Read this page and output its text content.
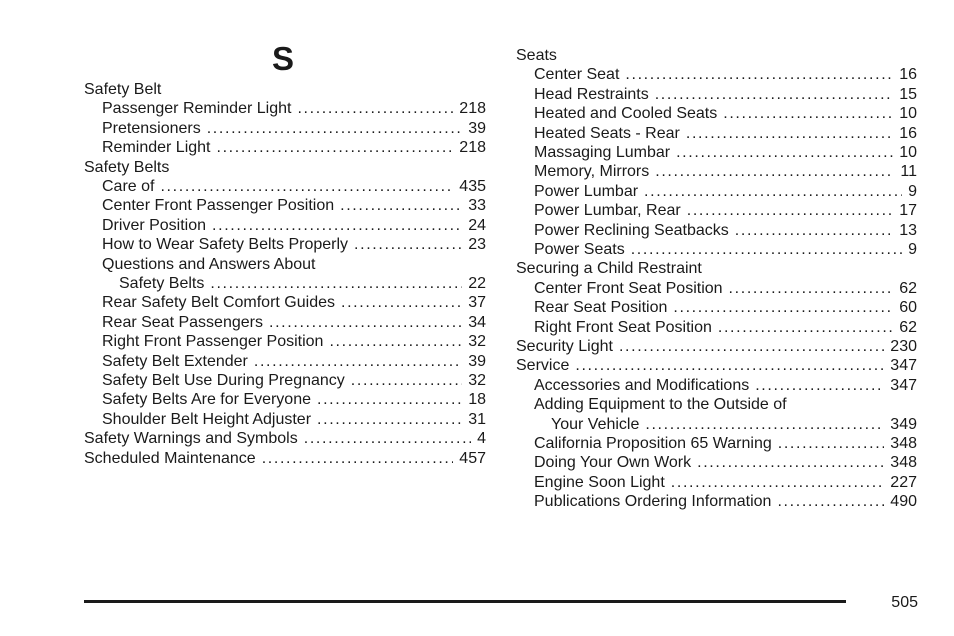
S
Safety Belt
Passenger Reminder Light . . .	218
Pretensioners . . .	39
Reminder Light . . .	218
Safety Belts
Care of . . .	435
Center Front Passenger Position . . .	33
Driver Position . . .	24
How to Wear Safety Belts Properly . . .	23
Questions and Answers About
Safety Belts . . .	22
Rear Safety Belt Comfort Guides . . .	37
Rear Seat Passengers . . .	34
Right Front Passenger Position . . .	32
Safety Belt Extender . . .	39
Safety Belt Use During Pregnancy . . .	32
Safety Belts Are for Everyone . . .	18
Shoulder Belt Height Adjuster . . .	31
Safety Warnings and Symbols . . .	4
Scheduled Maintenance . . .	457
Seats
Center Seat . . .	16
Head Restraints . . .	15
Heated and Cooled Seats . . .	10
Heated Seats - Rear . . .	16
Massaging Lumbar . . .	10
Memory, Mirrors . . .	11
Power Lumbar . . .	9
Power Lumbar, Rear . . .	17
Power Reclining Seatbacks . . .	13
Power Seats . . .	9
Securing a Child Restraint
Center Front Seat Position . . .	62
Rear Seat Position . . .	60
Right Front Seat Position . . .	62
Security Light . . .	230
Service . . .	347
Accessories and Modifications . . .	347
Adding Equipment to the Outside of
Your Vehicle . . .	349
California Proposition 65 Warning . . .	348
Doing Your Own Work . . .	348
Engine Soon Light . . .	227
Publications Ordering Information . . .	490
505
